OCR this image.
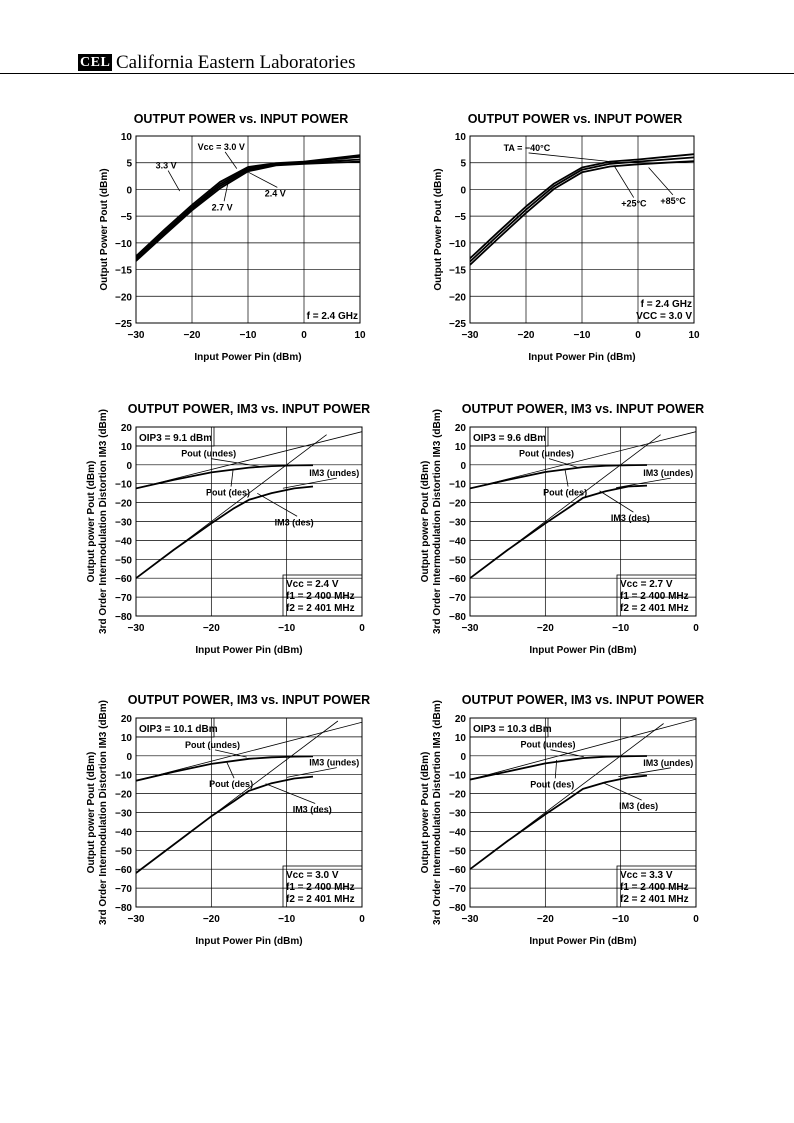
CEL California Eastern Laboratories
OUTPUT POWER vs. INPUT POWER
−30	−20	−10	0	10
−25
−20
−15
−10
−5
0
5
10
Input Power Pin (dBm)
Output Power Pout (dBm)
3.3 V
Vcc = 3.0 V
2.7 V
2.4 V
f = 2.4 GHz
OUTPUT POWER vs. INPUT POWER
−30	−20	−10	0	10
−25
−20
−15
−10
−5
0
5
10
Input Power Pin (dBm)
Output Power Pout (dBm)
TA = −40°C
+25°C +85°C
f = 2.4 GHz
VCC = 3.0 V
OUTPUT POWER, IM3 vs. INPUT POWER
−30	−20	−10	0
−80
−70
−60
−50
−40
−30
−20
−10
0
10
20
Input Power Pin (dBm)
Output power Pout (dBm) 3rd Order Intermodulation Distortion IM3 (dBm)	Pout (undes)
Pout (des)
IM3 (undes)
IM3 (des)
OIP3 = 9.1 dBm
Vcc = 2.4 V
f1 = 2 400 MHz
f2 = 2 401 MHz
OUTPUT POWER, IM3 vs. INPUT POWER
−30	−20	−10	0
−80
−70
−60
−50
−40
−30
−20
−10
0
10
20
Input Power Pin (dBm)
Output power Pout (dBm) 3rd Order Intermodulation Distortion IM3 (dBm)	Pout (undes)
Pout (des)
IM3 (undes)
IM3 (des)
OIP3 = 9.6 dBm
Vcc = 2.7 V
f1 = 2 400 MHz
f2 = 2 401 MHz
OUTPUT POWER, IM3 vs. INPUT POWER
−30	−20	−10	0
−80
−70
−60
−50
−40
−30
−20
−10
0
10
20
Input Power Pin (dBm)
Output power Pout (dBm) 3rd Order Intermodulation Distortion IM3 (dBm)	Pout (undes)
Pout (des)
IM3 (undes)
IM3 (des)
OIP3 = 10.1 dBm
Vcc = 3.0 V
f1 = 2 400 MHz
f2 = 2 401 MHz
OUTPUT POWER, IM3 vs. INPUT POWER
−30	−20	−10	0
−80
−70
−60
−50
−40
−30
−20
−10
0
10
20
Input Power Pin (dBm)
Output power Pout (dBm) 3rd Order Intermodulation Distortion IM3 (dBm)	Pout (undes)
Pout (des)
IM3 (undes)
IM3 (des)
OIP3 = 10.3 dBm
Vcc = 3.3 V
f1 = 2 400 MHz
f2 = 2 401 MHz
